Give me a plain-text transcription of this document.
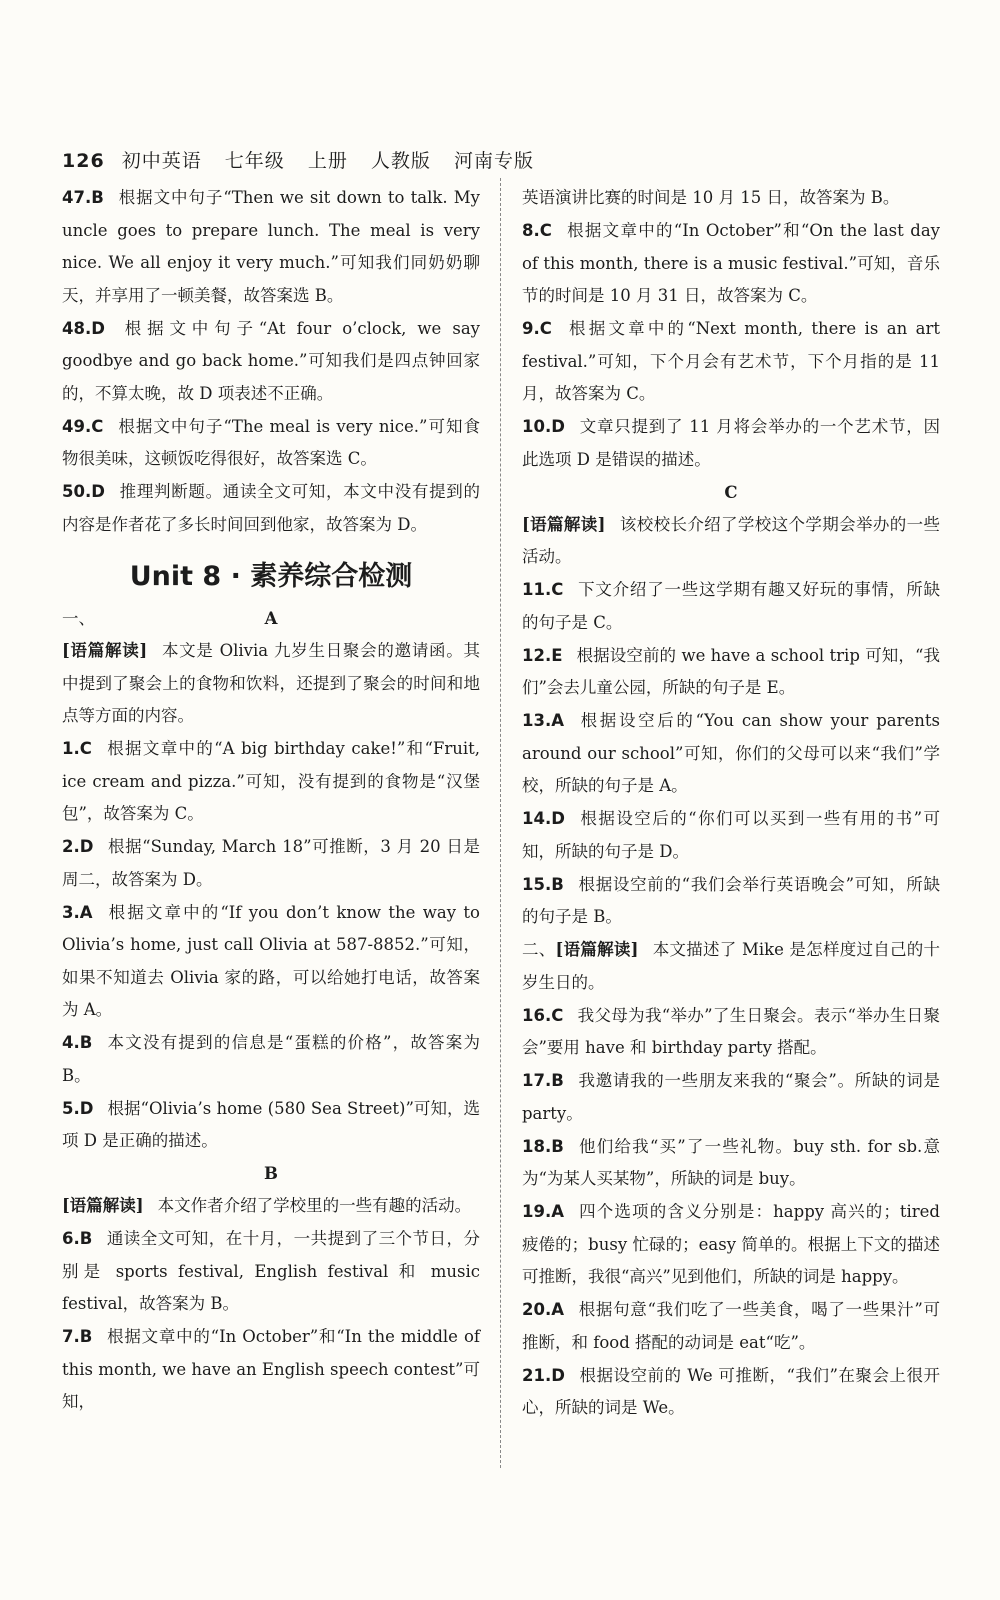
126 初中英语 七年级 上册 人教版 河南专版
47.B 根据文中句子“Then we sit down to talk. My uncle goes to prepare lunch. The meal is very nice. We all enjoy it very much.”可知我们同奶奶聊天，并享用了一顿美餐，故答案选 B。
48.D 根据文中句子“At four o’clock, we say goodbye and go back home.”可知我们是四点钟回家的，不算太晚，故 D 项表述不正确。
49.C 根据文中句子“The meal is very nice.”可知食物很美味，这顿饭吃得很好，故答案选 C。
50.D 推理判断题。通读全文可知，本文中没有提到的内容是作者花了多长时间回到他家，故答案为 D。
Unit 8 · 素养综合检测
一、	A
[语篇解读] 本文是 Olivia 九岁生日聚会的邀请函。其中提到了聚会上的食物和饮料，还提到了聚会的时间和地点等方面的内容。
1.C 根据文章中的“A big birthday cake!”和“Fruit, ice cream and pizza.”可知，没有提到的食物是“汉堡包”，故答案为 C。
2.D 根据“Sunday, March 18”可推断，3 月 20 日是周二，故答案为 D。
3.A 根据文章中的“If you don’t know the way to Olivia’s home, just call Olivia at 587-8852.”可知，如果不知道去 Olivia 家的路，可以给她打电话，故答案为 A。
4.B 本文没有提到的信息是“蛋糕的价格”，故答案为 B。
5.D 根据“Olivia’s home (580 Sea Street)”可知，选项 D 是正确的描述。
B
[语篇解读] 本文作者介绍了学校里的一些有趣的活动。
6.B 通读全文可知，在十月，一共提到了三个节日，分别是 sports festival, English festival 和 music festival，故答案为 B。
7.B 根据文章中的“In October”和“In the middle of this month, we have an English speech contest”可知，
英语演讲比赛的时间是 10 月 15 日，故答案为 B。
8.C 根据文章中的“In October”和“On the last day of this month, there is a music festival.”可知，音乐节的时间是 10 月 31 日，故答案为 C。
9.C 根据文章中的“Next month, there is an art festival.”可知，下个月会有艺术节，下个月指的是 11 月，故答案为 C。
10.D 文章只提到了 11 月将会举办的一个艺术节，因此选项 D 是错误的描述。
C
[语篇解读] 该校校长介绍了学校这个学期会举办的一些活动。
11.C 下文介绍了一些这学期有趣又好玩的事情，所缺的句子是 C。
12.E 根据设空前的 we have a school trip 可知，“我们”会去儿童公园，所缺的句子是 E。
13.A 根据设空后的“You can show your parents around our school”可知，你们的父母可以来“我们”学校，所缺的句子是 A。
14.D 根据设空后的“你们可以买到一些有用的书”可知，所缺的句子是 D。
15.B 根据设空前的“我们会举行英语晚会”可知，所缺的句子是 B。
二、[语篇解读] 本文描述了 Mike 是怎样度过自己的十岁生日的。
16.C 我父母为我“举办”了生日聚会。表示“举办生日聚会”要用 have 和 birthday party 搭配。
17.B 我邀请我的一些朋友来我的“聚会”。所缺的词是 party。
18.B 他们给我“买”了一些礼物。buy sth. for sb.意为“为某人买某物”，所缺的词是 buy。
19.A 四个选项的含义分别是：happy 高兴的；tired 疲倦的；busy 忙碌的；easy 简单的。根据上下文的描述可推断，我很“高兴”见到他们，所缺的词是 happy。
20.A 根据句意“我们吃了一些美食，喝了一些果汁”可推断，和 food 搭配的动词是 eat“吃”。
21.D 根据设空前的 We 可推断，“我们”在聚会上很开心，所缺的词是 We。
